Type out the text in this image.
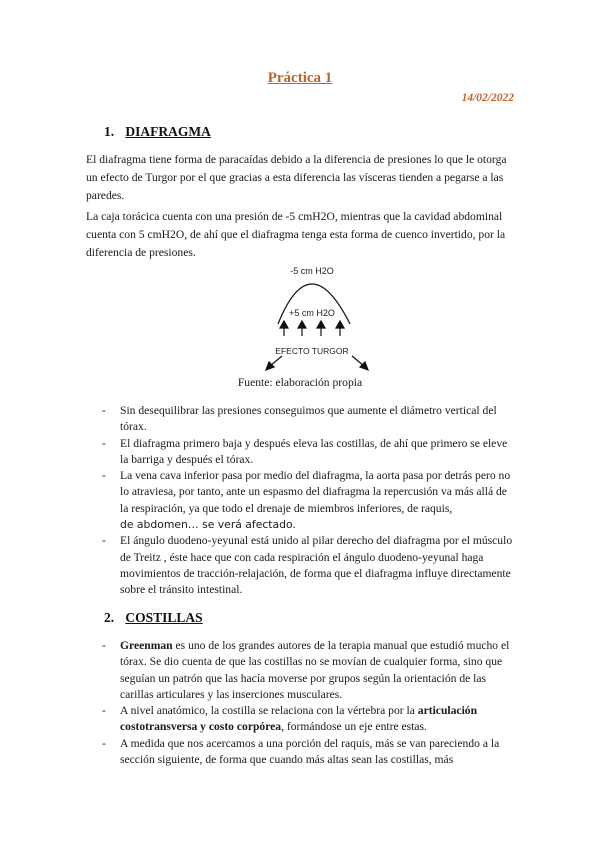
Práctica 1
14/02/2022
1. DIAFRAGMA

El diafragma tiene forma de paracaídas debido a la diferencia de presiones lo que le otorga un efecto de Turgor por el que gracias a esta diferencia las vísceras tienden a pegarse a las paredes.

La caja torácica cuenta con una presión de -5 cmH2O, mientras que la cavidad abdominal cuenta con 5 cmH2O, de ahí que el diafragma tenga esta forma de cuenco invertido, por la diferencia de presiones.

-5 cm H2O
+5 cm H2O
EFECTO TURGOR
Fuente: elaboración propia
- Sin desequilibrar las presiones conseguimos que aumente el diámetro vertical del tórax.
- El diafragma primero baja y después eleva las costillas, de ahí que primero se eleve la barriga y después el tórax.
- La vena cava inferior pasa por medio del diafragma, la aorta pasa por detrás pero no lo atraviesa, por tanto, ante un espasmo del diafragma la repercusión va más allá de la respiración, ya que todo el drenaje de miembros inferiores, de raquis,
de abdomen… se verá afectado.
- El ángulo duodeno-yeyunal está unido al pilar derecho del diafragma por el músculo de Treitz , éste hace que con cada respiración el ángulo duodeno-yeyunal haga movimientos de tracción-relajación, de forma que el diafragma influye directamente sobre el tránsito intestinal.
2. COSTILLAS
- Greenman es uno de los grandes autores de la terapia manual que estudió mucho el tórax. Se dio cuenta de que las costillas no se movían de cualquier forma, sino que seguían un patrón que las hacía moverse por grupos según la orientación de las carillas articulares y las inserciones musculares.
- A nivel anatómico, la costilla se relaciona con la vértebra por la articulación costotransversa y costo corpórea, formándose un eje entre estas.
- A medida que nos acercamos a una porción del raquis, más se van pareciendo a la sección siguiente, de forma que cuando más altas sean las costillas, más
